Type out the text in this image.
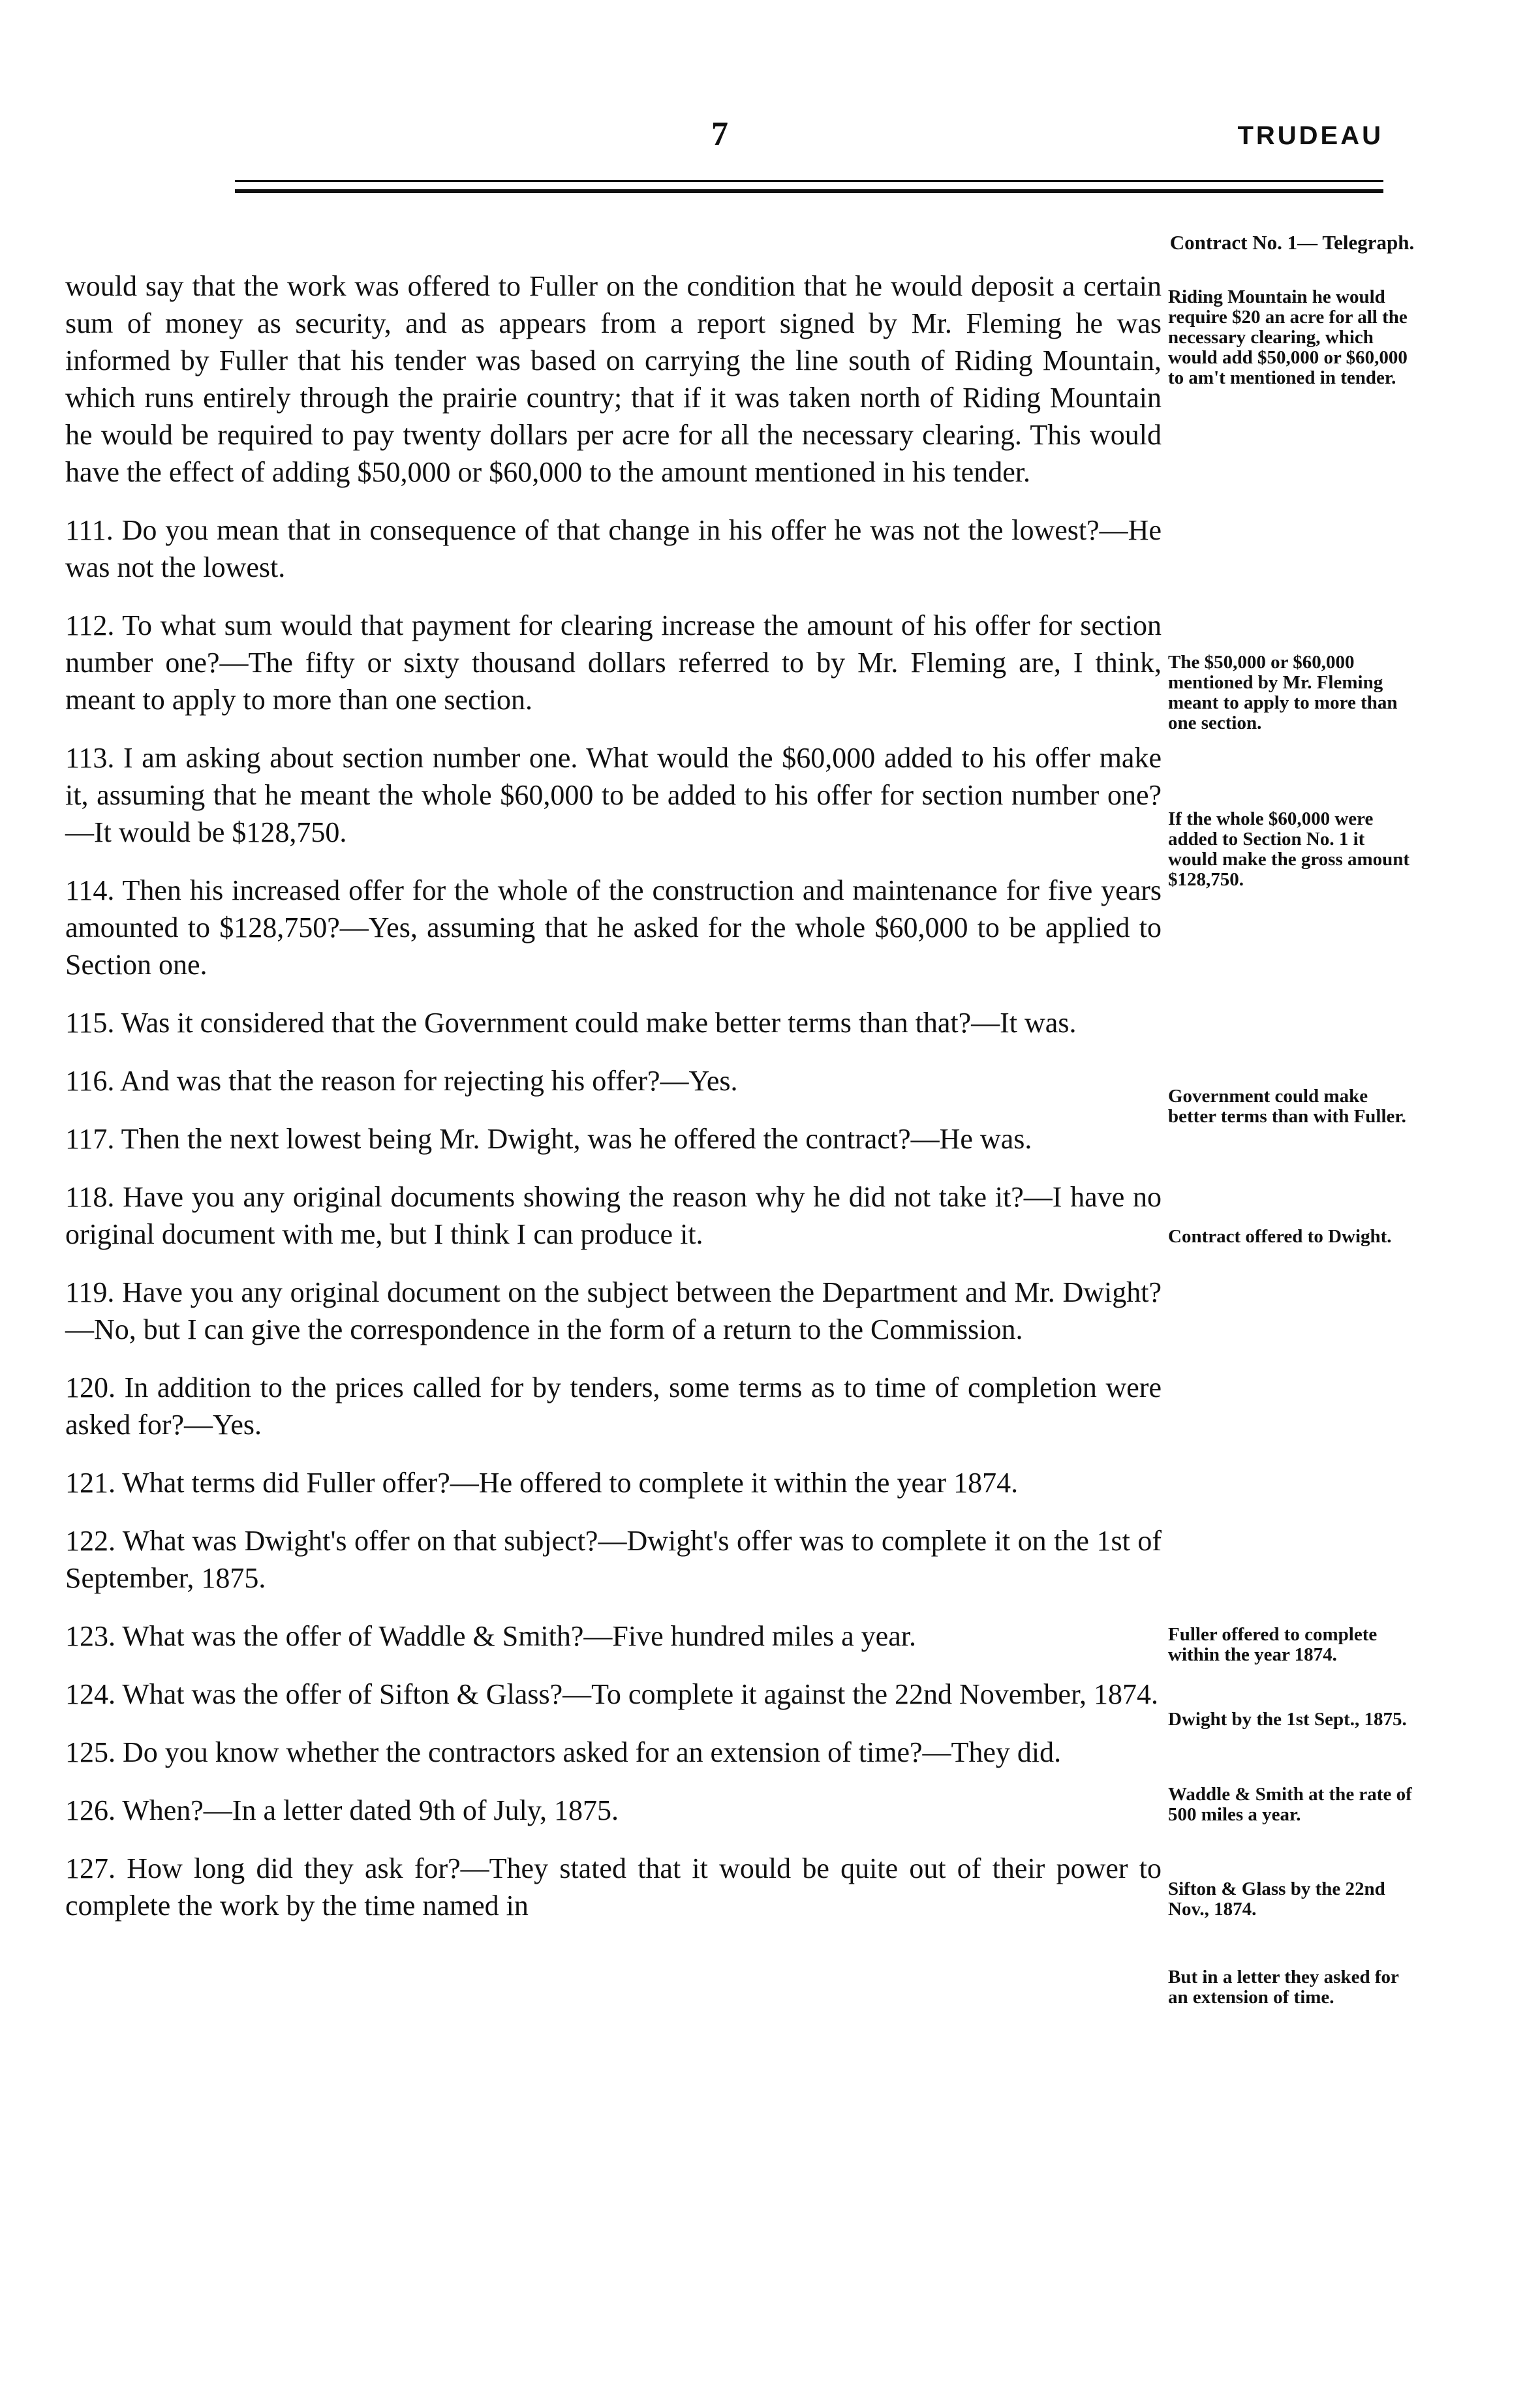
7	TRUDEAU

would say that the work was offered to Fuller on the condition that he would deposit a certain sum of money as security, and as appears from a report signed by Mr. Fleming he was informed by Fuller that his tender was based on carrying the line south of Riding Mountain, which runs entirely through the prairie country; that if it was taken north of Riding Mountain he would be required to pay twenty dollars per acre for all the necessary clearing. This would have the effect of adding $50,000 or $60,000 to the amount mentioned in his tender.

111. Do you mean that in consequence of that change in his offer he was not the lowest?—He was not the lowest.

112. To what sum would that payment for clearing increase the amount of his offer for section number one?—The fifty or sixty thousand dollars referred to by Mr. Fleming are, I think, meant to apply to more than one section.

113. I am asking about section number one. What would the $60,000 added to his offer make it, assuming that he meant the whole $60,000 to be added to his offer for section number one?—It would be $128,750.

114. Then his increased offer for the whole of the construction and maintenance for five years amounted to $128,750?—Yes, assuming that he asked for the whole $60,000 to be applied to Section one.

115. Was it considered that the Government could make better terms than that?—It was.

116. And was that the reason for rejecting his offer?—Yes.

117. Then the next lowest being Mr. Dwight, was he offered the contract?—He was.

118. Have you any original documents showing the reason why he did not take it?—I have no original document with me, but I think I can produce it.

119. Have you any original document on the subject between the Department and Mr. Dwight?—No, but I can give the correspondence in the form of a return to the Commission.

120. In addition to the prices called for by tenders, some terms as to time of completion were asked for?—Yes.

121. What terms did Fuller offer?—He offered to complete it within the year 1874.

122. What was Dwight's offer on that subject?—Dwight's offer was to complete it on the 1st of September, 1875.

123. What was the offer of Waddle & Smith?—Five hundred miles a year.

124. What was the offer of Sifton & Glass?—To complete it against the 22nd November, 1874.

125. Do you know whether the contractors asked for an extension of time?—They did.

126. When?—In a letter dated 9th of July, 1875.

127. How long did they ask for?—They stated that it would be quite out of their power to complete the work by the time named in

Contract No. 1— Telegraph.
Riding Mountain he would require $20 an acre for all the necessary clearing, which would add $50,000 or $60,000 to am't mentioned in tender.
The $50,000 or $60,000 mentioned by Mr. Fleming meant to apply to more than one section.
If the whole $60,000 were added to Section No. 1 it would make the gross amount $128,750.
Government could make better terms than with Fuller.
Contract offered to Dwight.
Fuller offered to complete within the year 1874.
Dwight by the 1st Sept., 1875.
Waddle & Smith at the rate of 500 miles a year.
Sifton & Glass by the 22nd Nov., 1874.
But in a letter they asked for an extension of time.
